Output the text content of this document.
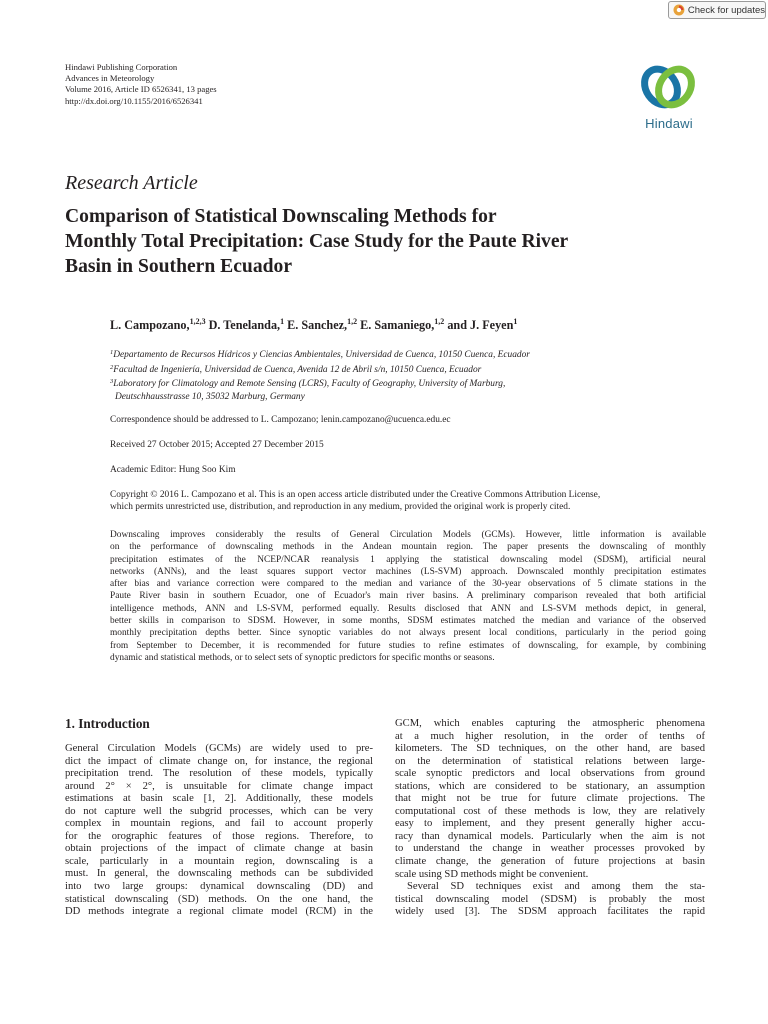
Check for updates
Hindawi Publishing Corporation
Advances in Meteorology
Volume 2016, Article ID 6526341, 13 pages
http://dx.doi.org/10.1155/2016/6526341
Hindawi
Research Article
Comparison of Statistical Downscaling Methods for
Monthly Total Precipitation: Case Study for the Paute River
Basin in Southern Ecuador
L. Campozano,$^{1,2,3}$ D. Tenelanda,$^1$ E. Sanchez,$^{1,2}$ E. Samaniego,$^{1,2}$ and J. Feyen$^1$
$^1$Departamento de Recursos Hídricos y Ciencias Ambientales, Universidad de Cuenca, 10150 Cuenca, Ecuador
$^2$Facultad de Ingeniería, Universidad de Cuenca, Avenida 12 de Abril s/n, 10150 Cuenca, Ecuador
$^3$Laboratory for Climatology and Remote Sensing (LCRS), Faculty of Geography, University of Marburg,
Deutschhausstrasse 10, 35032 Marburg, Germany
Correspondence should be addressed to L. Campozano; lenin.campozano@ucuenca.edu.ec
Received 27 October 2015; Accepted 27 December 2015
Academic Editor: Hung Soo Kim
Copyright © 2016 L. Campozano et al. This is an open access article distributed under the Creative Commons Attribution License,
which permits unrestricted use, distribution, and reproduction in any medium, provided the original work is properly cited.
Downscaling improves considerably the results of General Circulation Models (GCMs). However, little information is available
on the performance of downscaling methods in the Andean mountain region. The paper presents the downscaling of monthly
precipitation estimates of the NCEP/NCAR reanalysis 1 applying the statistical downscaling model (SDSM), artificial neural
networks (ANNs), and the least squares support vector machines (LS-SVM) approach. Downscaled monthly precipitation estimates
after bias and variance correction were compared to the median and variance of the 30-year observations of 5 climate stations in the
Paute River basin in southern Ecuador, one of Ecuador's main river basins. A preliminary comparison revealed that both artificial
intelligence methods, ANN and LS-SVM, performed equally. Results disclosed that ANN and LS-SVM methods depict, in general,
better skills in comparison to SDSM. However, in some months, SDSM estimates matched the median and variance of the observed
monthly precipitation depths better. Since synoptic variables do not always present local conditions, particularly in the period going
from September to December, it is recommended for future studies to refine estimates of downscaling, for example, by combining
dynamic and statistical methods, or to select sets of synoptic predictors for specific months or seasons.
1. Introduction
General Circulation Models (GCMs) are widely used to pre-
dict the impact of climate change on, for instance, the regional
precipitation trend. The resolution of these models, typically
around 2° × 2°, is unsuitable for climate change impact
estimations at basin scale [1, 2]. Additionally, these models
do not capture well the subgrid processes, which can be very
complex in mountain regions, and fail to account properly
for the orographic features of those regions. Therefore, to
obtain projections of the impact of climate change at basin
scale, particularly in a mountain region, downscaling is a
must. In general, the downscaling methods can be subdivided
into two large groups: dynamical downscaling (DD) and
statistical downscaling (SD) methods. On the one hand, the
DD methods integrate a regional climate model (RCM) in the
GCM, which enables capturing the atmospheric phenomena
at a much higher resolution, in the order of tenths of
kilometers. The SD techniques, on the other hand, are based
on the determination of statistical relations between large-
scale synoptic predictors and local observations from ground
stations, which are considered to be stationary, an assumption
that might not be true for future climate projections. The
computational cost of these methods is low, they are relatively
easy to implement, and they present generally higher accu-
racy than dynamical models. Particularly when the aim is not
to understand the change in weather processes provoked by
climate change, the generation of future projections at basin
scale using SD methods might be convenient.
Several SD techniques exist and among them the sta-
tistical downscaling model (SDSM) is probably the most
widely used [3]. The SDSM approach facilitates the rapid
